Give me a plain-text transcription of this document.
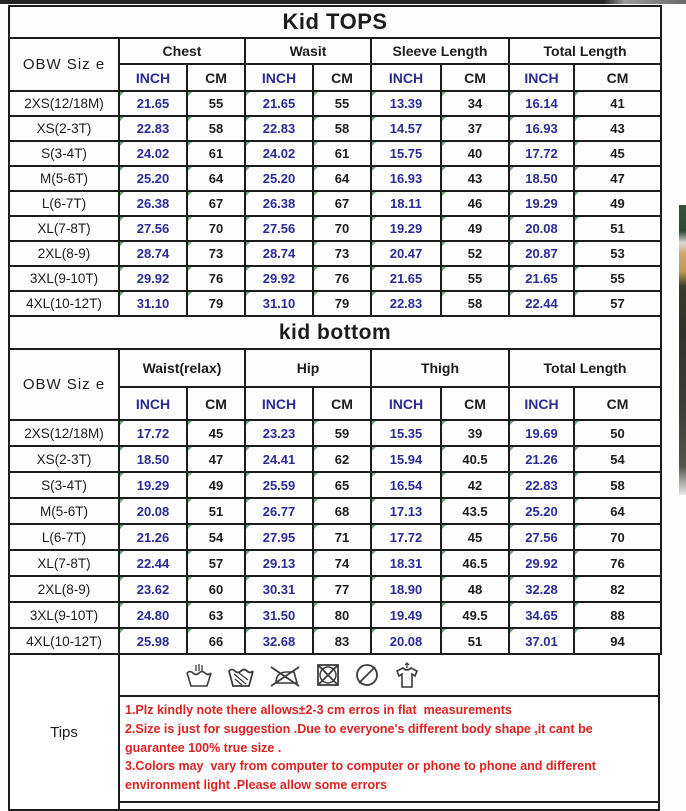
Kid TOPS								
OBW Siz e	Chest		Wasit		Sleeve Length		Total Length	
	INCH	CM	INCH	CM	INCH	CM	INCH	CM
2XS(12/18M)	21.65	55	21.65	55	13.39	34	16.14	41
XS(2-3T)	22.83	58	22.83	58	14.57	37	16.93	43
S(3-4T)	24.02	61	24.02	61	15.75	40	17.72	45
M(5-6T)	25.20	64	25.20	64	16.93	43	18.50	47
L(6-7T)	26.38	67	26.38	67	18.11	46	19.29	49
XL(7-8T)	27.56	70	27.56	70	19.29	49	20.08	51
2XL(8-9)	28.74	73	28.74	73	20.47	52	20.87	53
3XL(9-10T)	29.92	76	29.92	76	21.65	55	21.65	55
4XL(10-12T)	31.10	79	31.10	79	22.83	58	22.44	57
kid bottom								
OBW Siz e	Waist(relax)		Hip		Thigh		Total Length	
	INCH	CM	INCH	CM	INCH	CM	INCH	CM
2XS(12/18M)	17.72	45	23.23	59	15.35	39	19.69	50
XS(2-3T)	18.50	47	24.41	62	15.94	40.5	21.26	54
S(3-4T)	19.29	49	25.59	65	16.54	42	22.83	58
M(5-6T)	20.08	51	26.77	68	17.13	43.5	25.20	64
L(6-7T)	21.26	54	27.95	71	17.72	45	27.56	70
XL(7-8T)	22.44	57	29.13	74	18.31	46.5	29.92	76
2XL(8-9)	23.62	60	30.31	77	18.90	48	32.28	82
3XL(9-10T)	24.80	63	31.50	80	19.49	49.5	34.65	88
4XL(10-12T)	25.98	66	32.68	83	20.08	51	37.01	94
Tips
1.Plz kindly note there allows±2-3 cm erros in flat  measurements
2.Size is just for suggestion .Due to everyone's different body shape ,it cant be guarantee 100% true size .
3.Colors may  vary from computer to computer or phone to phone and different environment light .Please allow some errors
